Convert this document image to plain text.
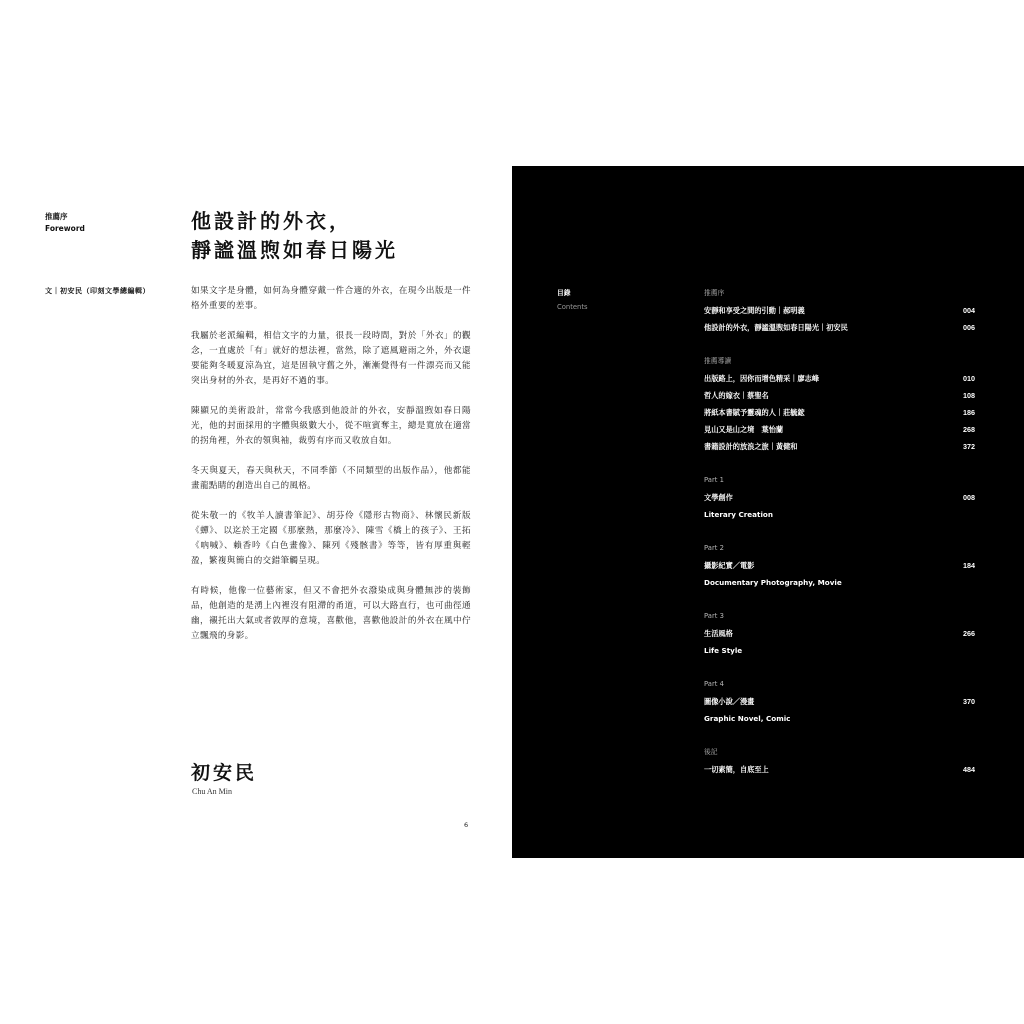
推薦序
Foreword	他設計的外衣，
靜謐溫煦如春日陽光
文｜初安民（印刻文學總編輯）	如果文字是身體，如何為身體穿戴一件合適的外衣，在現今出版是一件格外重要的差事。

我屬於老派編輯，相信文字的力量，很長一段時間，對於「外衣」的觀念，一直處於「有」就好的想法裡，當然，除了遮風避雨之外，外衣還要能夠冬暖夏涼為宜，這是固執守舊之外，漸漸覺得有一件漂亮而又能突出身材的外衣，是再好不過的事。

陳顯兄的美術設計，常常今我感到他設計的外衣，安靜溫煦如春日陽光，他的封面採用的字體與級數大小，從不喧賓奪主，總是寬放在適當的拐角裡，外衣的領與袖，裁剪有序而又收放自如。

冬天與夏天，春天與秋天，不同季節（不同類型的出版作品），他都能畫龍點睛的創造出自己的風格。

從朱敬一的《牧羊人讀書筆記》、胡芬伶《隱形古物商》、林懷民新版《蟬》、以迄於王定國《那麼熱，那麼冷》、陳雪《橋上的孩子》、王拓《吶喊》、賴香吟《白色畫像》、陳列《殘骸書》等等，皆有厚重與輕盈，繁複與簡白的交錯筆觸呈現。

有時候，他像一位藝術家，但又不會把外衣潑染成與身體無涉的裝飾品，他創造的是湧上內裡沒有阻滯的甬道，可以大路直行，也可曲徑通幽，襯托出大氣或者敦厚的意境，喜歡他，喜歡他設計的外衣在風中佇立飄飛的身影。

初安民
Chu An Min
6
目錄
Contents
推薦序
安靜和享受之間的引動｜郝明義	004
他設計的外衣，靜謐溫煦如春日陽光｜初安民	006
推薦導讀
出版路上，因你而增色精采｜廖志峰	010
哲人的嫁衣｜蔡聖名	108
將紙本書賦予靈魂的人｜莊毓鋐	186
見山又是山之境　葉怡蘭	268
書籍設計的放浪之旅｜黃健和	372
Part 1
文學創作	008
Literary Creation
Part 2
攝影紀實／電影	184
Documentary Photography, Movie
Part 3
生活風格	266
Life Style
Part 4
圖像小說／漫畫	370
Graphic Novel, Comic
後記
一切素簡，自底至上	484
